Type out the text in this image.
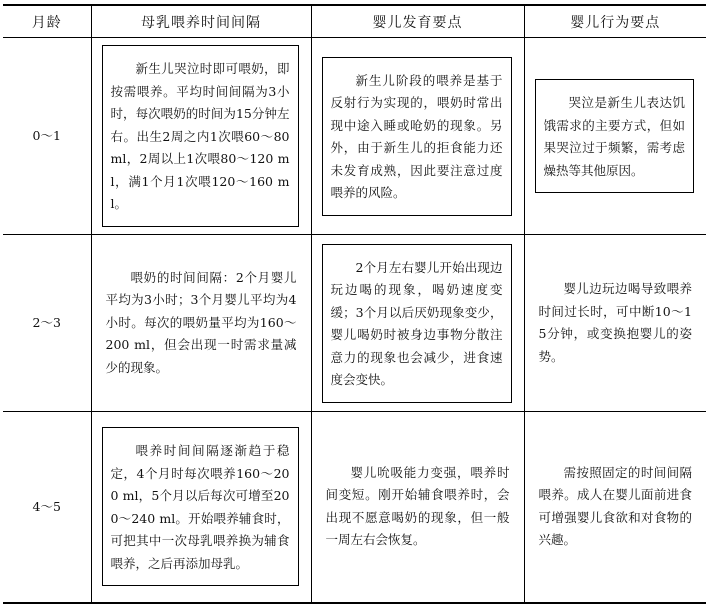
月龄	母乳喂养时间间隔	婴儿发育要点	婴儿行为要点
0～1	新生儿哭泣时即可喂奶，即按需喂养。平均时间间隔为3小时，每次喂奶的时间为15分钟左右。出生2周之内1次喂60～80 ml，2周以上1次喂80～120 ml，满1个月1次喂120～160 ml。	新生儿阶段的喂养是基于反射行为实现的，喂奶时常出现中途入睡或呛奶的现象。另外，由于新生儿的拒食能力还未发育成熟，因此要注意过度喂养的风险。	哭泣是新生儿表达饥饿需求的主要方式，但如果哭泣过于频繁，需考虑燥热等其他原因。

2～3	喂奶的时间间隔：2个月婴儿平均为3小时；3个月婴儿平均为4小时。每次的喂奶量平均为160～200 ml，但会出现一时需求量减少的现象。	2个月左右婴儿开始出现边玩边喝的现象，喝奶速度变缓；3个月以后厌奶现象变少，婴儿喝奶时被身边事物分散注意力的现象也会减少，进食速度会变快。	婴儿边玩边喝导致喂养时间过长时，可中断10～15分钟，或变换抱婴儿的姿势。

4～5	喂养时间间隔逐渐趋于稳定，4个月时每次喂养160～200 ml，5个月以后每次可增至200～240 ml。开始喂养辅食时，可把其中一次母乳喂养换为辅食喂养，之后再添加母乳。	婴儿吮吸能力变强，喂养时间变短。刚开始辅食喂养时，会出现不愿意喝奶的现象，但一般一周左右会恢复。	需按照固定的时间间隔喂养。成人在婴儿面前进食可增强婴儿食欲和对食物的兴趣。
